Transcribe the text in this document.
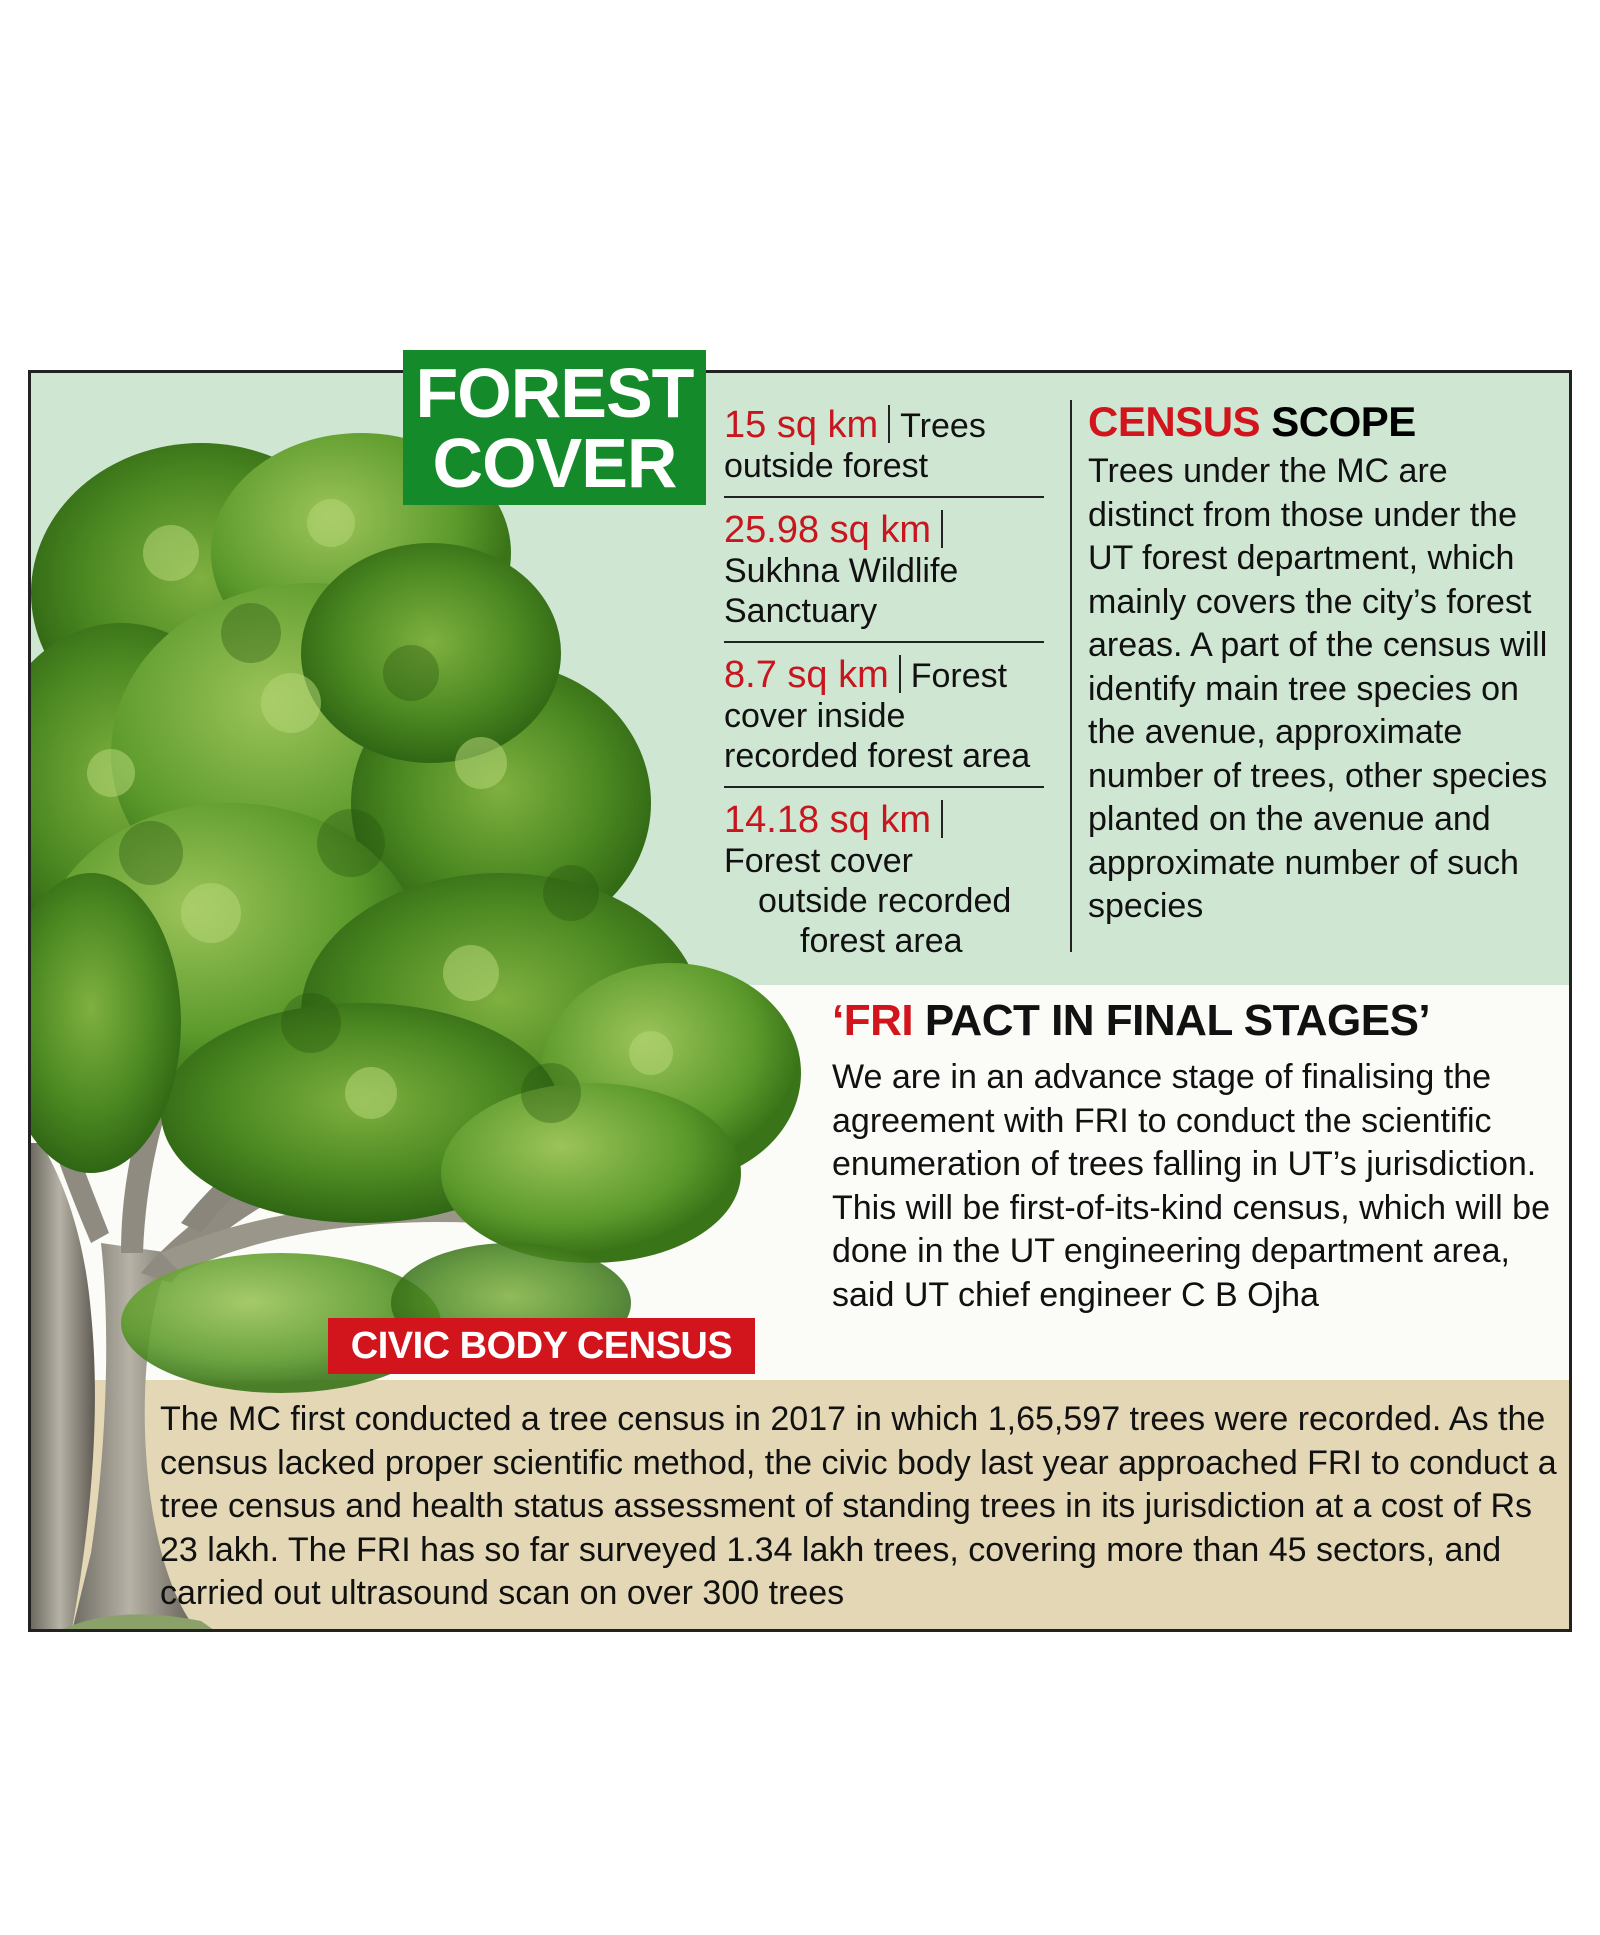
FOREST
COVER	15 sq km Trees
outside forest
25.98 sq km
Sukhna Wildlife
Sanctuary
8.7 sq km Forest
cover inside
recorded forest area
14.18 sq km
Forest cover
outside recorded
forest area
CENSUS SCOPE

Trees under the MC are distinct from those under the UT forest department, which mainly covers the city’s forest areas. A part of the census will identify main tree species on the avenue, approximate number of trees, other species planted on the avenue and approximate number of such species

‘FRI PACT IN FINAL STAGES’

We are in an advance stage of finalising the agreement with FRI to conduct the scientific enumeration of trees falling in UT’s jurisdiction. This will be first-of-its-kind census, which will be done in the UT engineering department area, said UT chief engineer C B Ojha

CIVIC BODY CENSUS
The MC first conducted a tree census in 2017 in which 1,65,597 trees were recorded. As the census lacked proper scientific method, the civic body last year approached FRI to conduct a tree census and health status assessment of standing trees in its jurisdiction at a cost of Rs 23 lakh. The FRI has so far surveyed 1.34 lakh trees, covering more than 45 sectors, and carried out ultrasound scan on over 300 trees
